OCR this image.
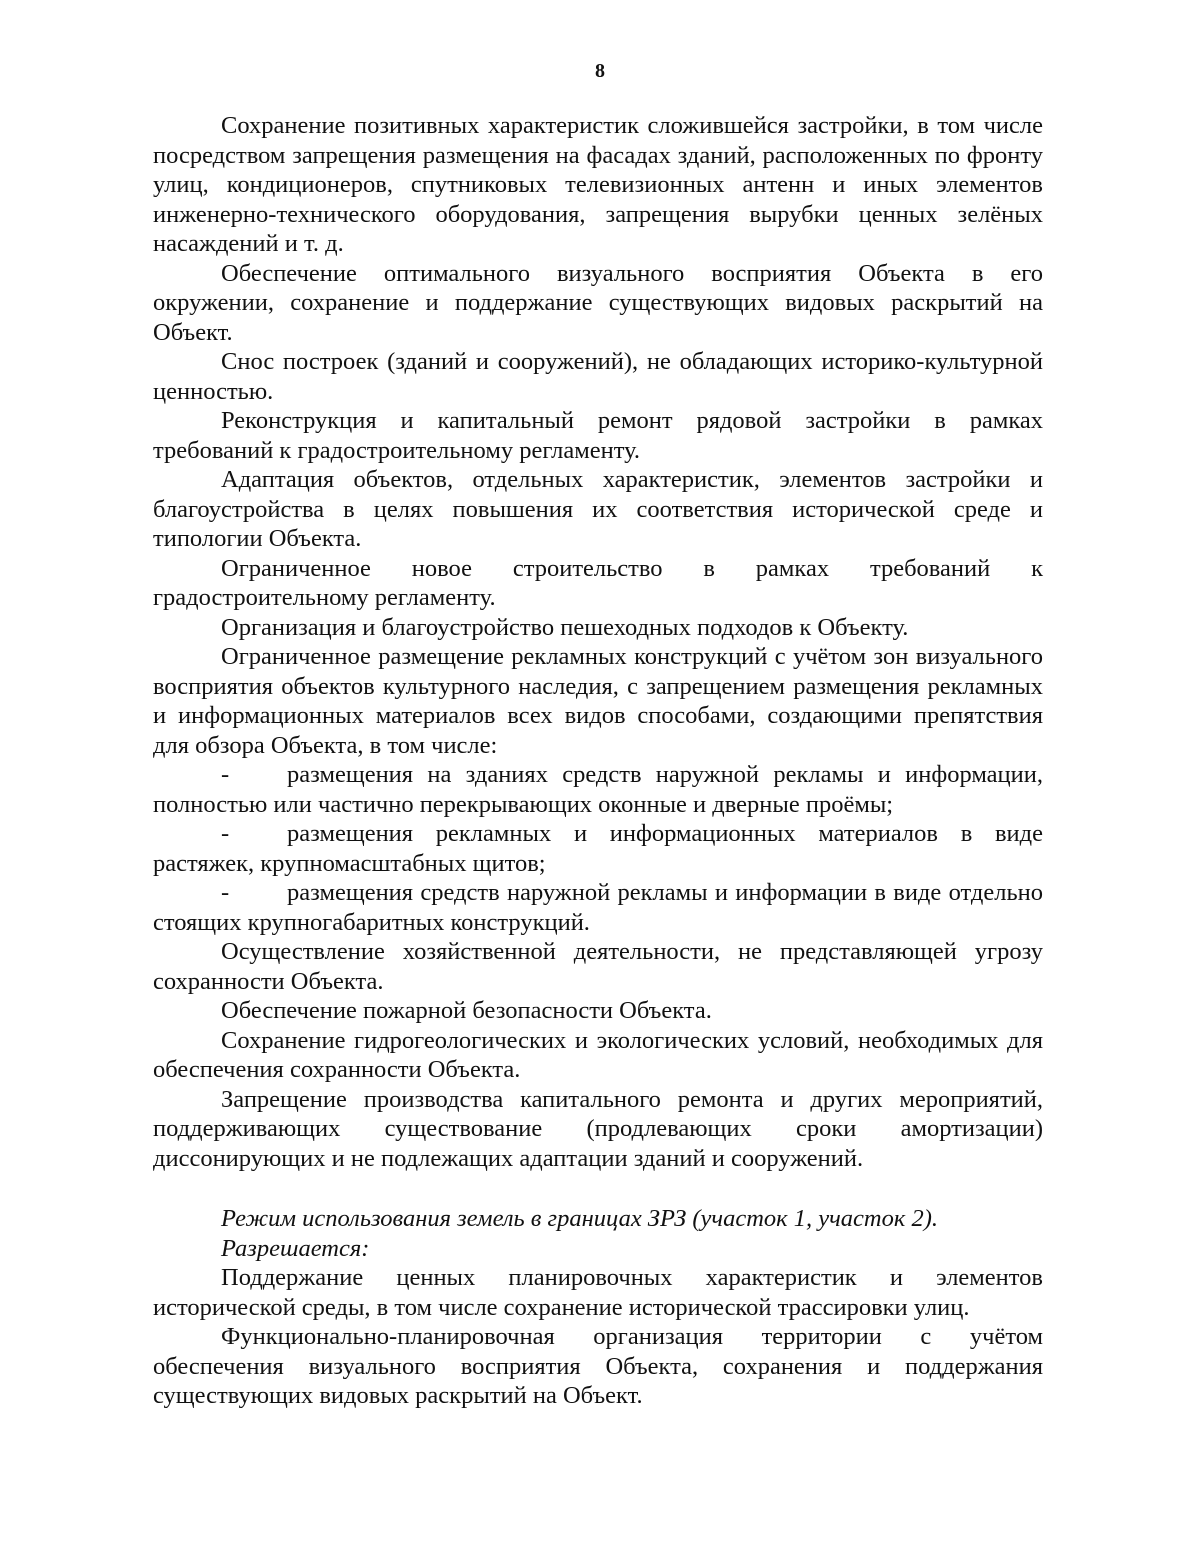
8

Сохранение позитивных характеристик сложившейся застройки, в том числе посредством запрещения размещения на фасадах зданий, расположенных по фронту улиц, кондиционеров, спутниковых телевизионных антенн и иных элементов инженерно-технического оборудования, запрещения вырубки ценных зелёных насаждений и т. д.

Обеспечение оптимального визуального восприятия Объекта в его окружении, сохранение и поддержание существующих видовых раскрытий на Объект.

Снос построек (зданий и сооружений), не обладающих историко-культурной ценностью.

Реконструкция и капитальный ремонт рядовой застройки в рамках требований к градостроительному регламенту.

Адаптация объектов, отдельных характеристик, элементов застройки и благоустройства в целях повышения их соответствия исторической среде и типологии Объекта.

Ограниченное новое строительство в рамках требований к градостроительному регламенту.

Организация и благоустройство пешеходных подходов к Объекту.

Ограниченное размещение рекламных конструкций с учётом зон визуального восприятия объектов культурного наследия, с запрещением размещения рекламных и информационных материалов всех видов способами, создающими препятствия для обзора Объекта, в том числе:

- размещения на зданиях средств наружной рекламы и информации, полностью или частично перекрывающих оконные и дверные проёмы;

- размещения рекламных и информационных материалов в виде растяжек, крупномасштабных щитов;

- размещения средств наружной рекламы и информации в виде отдельно стоящих крупногабаритных конструкций.

Осуществление хозяйственной деятельности, не представляющей угрозу сохранности Объекта.

Обеспечение пожарной безопасности Объекта.

Сохранение гидрогеологических и экологических условий, необходимых для обеспечения сохранности Объекта.

Запрещение производства капитального ремонта и других мероприятий, поддерживающих существование (продлевающих сроки амортизации) диссонирующих и не подлежащих адаптации зданий и сооружений.

Режим использования земель в границах ЗРЗ (участок 1, участок 2).

Разрешается:

Поддержание ценных планировочных характеристик и элементов исторической среды, в том числе сохранение исторической трассировки улиц.

Функционально-планировочная организация территории с учётом обеспечения визуального восприятия Объекта, сохранения и поддержания существующих видовых раскрытий на Объект.
